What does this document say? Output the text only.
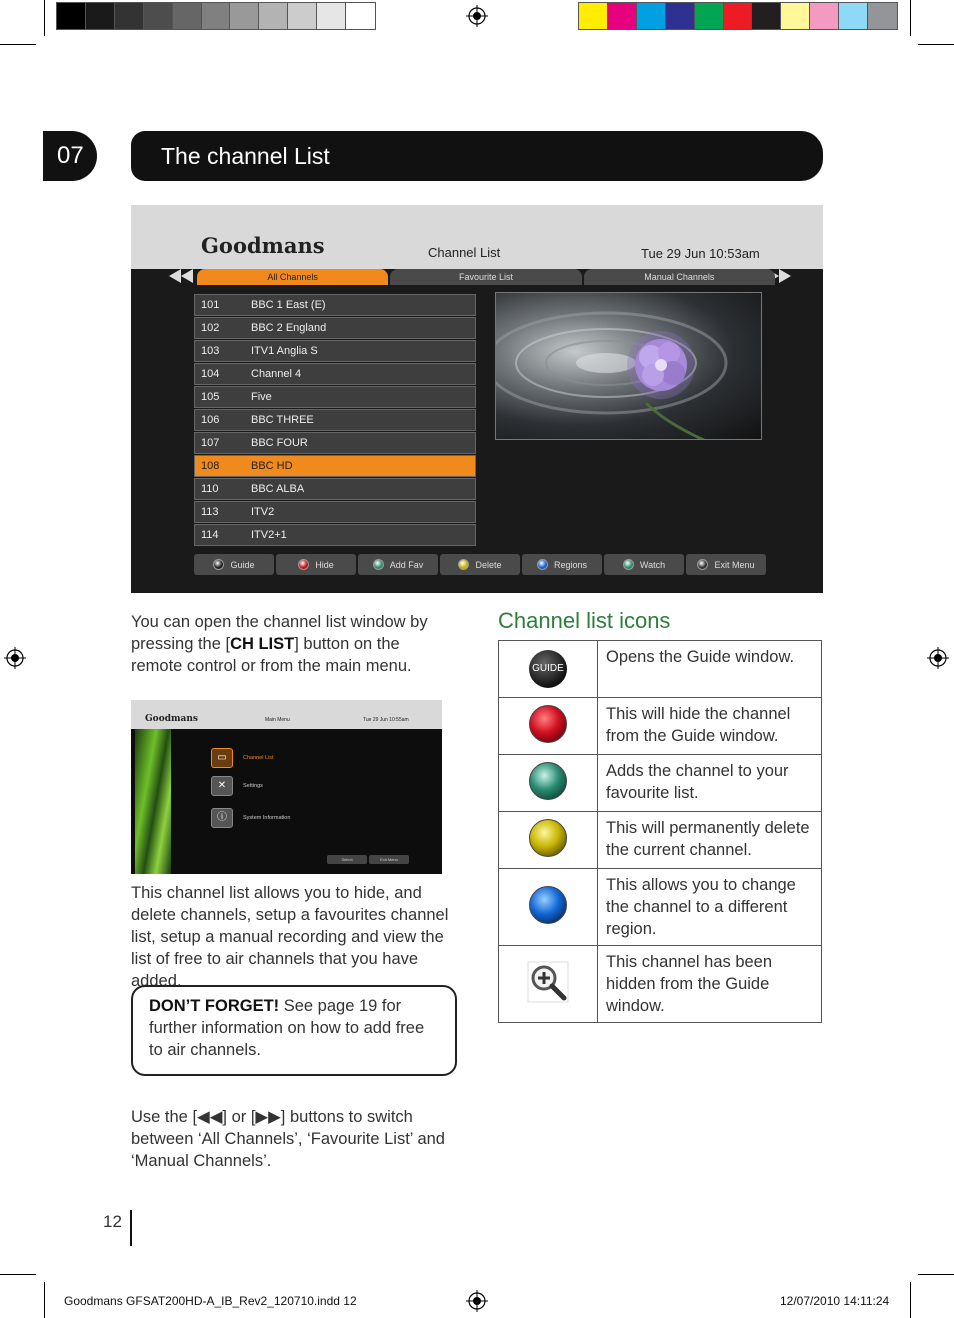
07	The channel List
Goodmans	Channel List	Tue 29 Jun 10:53am
All Channels	Favourite List	Manual Channels
101	BBC 1 East (E)
102	BBC 2 England
103	ITV1 Anglia S
104	Channel 4
105	Five
106	BBC THREE
107	BBC FOUR
108	BBC HD
110	BBC ALBA
113	ITV2
114	ITV2+1
Guide	Hide	Add Fav	Delete	Regions	Watch	Exit Menu
You can open the channel list window by pressing the [CH LIST] button on the remote control or from the main menu.
Goodmans	Main Menu	Tue 29 Jun 10:55am
▭	Channel List
✕	Settings
ⓘ	System Information
Select	Exit Menu
This channel list allows you to hide, and delete channels, setup a favourites channel list, setup a manual recording and view the list of free to air channels that you have added.
DON’T FORGET! See page 19 for further information on how to add free to air channels.
Use the [◀◀] or [▶▶] buttons to switch between ‘All Channels’, ‘Favourite List’ and ‘Manual Channels’.
Channel list icons
GUIDE	Opens the Guide window.
	This will hide the channel from the Guide window.
	Adds the channel to your favourite list.
	This will permanently delete the current channel.
	This allows you to change the channel to a different region.
	This channel has been hidden from the Guide window.
12
Goodmans GFSAT200HD-A_IB_Rev2_120710.indd 12	12/07/2010 14:11:24
